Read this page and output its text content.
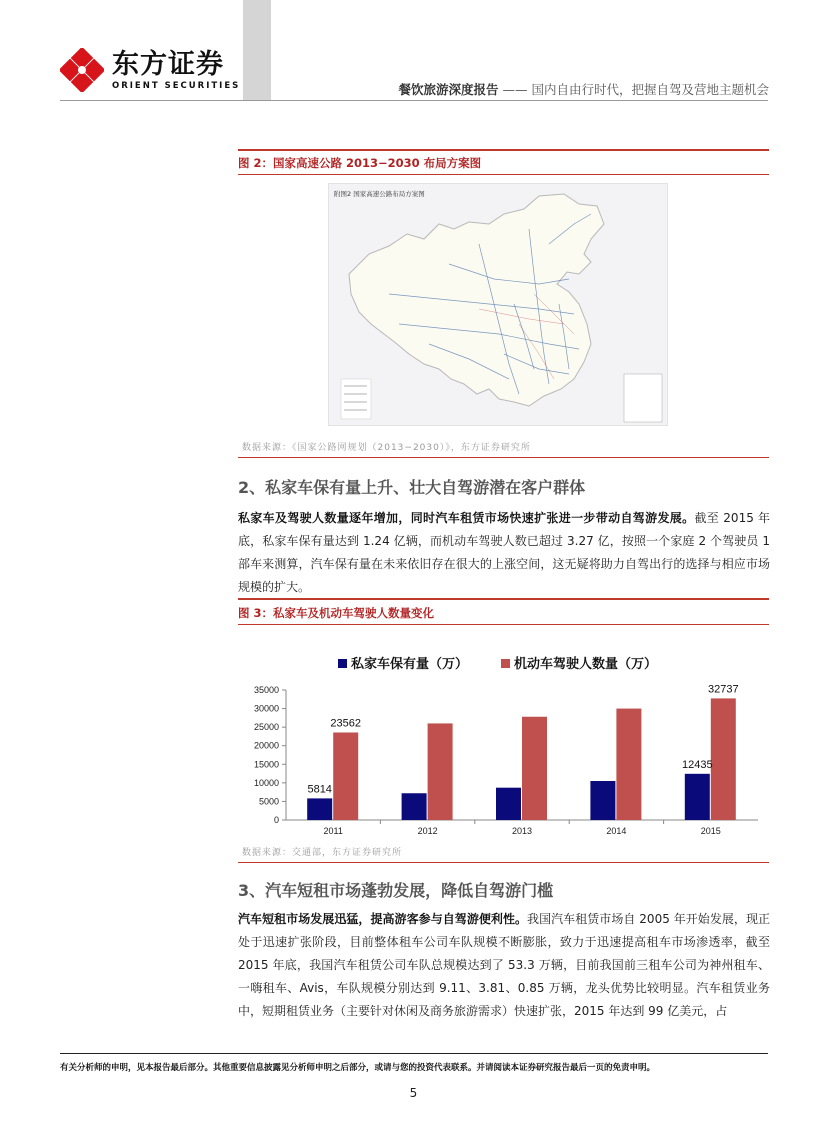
东方证券
ORIENT SECURITIES	餐饮旅游深度报告 —— 国内自由行时代，把握自驾及营地主题机会
图 2：国家高速公路 2013−2030 布局方案图
附图2 国家高速公路布局方案图
数据来源：《国家公路网规划（2013−2030）》，东方证券研究所
2、私家车保有量上升、壮大自驾游潜在客户群体
私家车及驾驶人数量逐年增加，同时汽车租赁市场快速扩张进一步带动自驾游发展。截至 2015 年底，私家车保有量达到 1.24 亿辆，而机动车驾驶人数已超过 3.27 亿，按照一个家庭 2 个驾驶员 1 部车来测算，汽车保有量在未来依旧存在很大的上涨空间，这无疑将助力自驾出行的选择与相应市场规模的扩大。
图 3：私家车及机动车驾驶人数量变化
私家车保有量（万）	机动车驾驶人数量（万）
0
5000
10000
15000
20000
25000
30000
35000
2011	2012	2013	2014	2015
5814
23562
12435
32737
数据来源：交通部，东方证券研究所
3、汽车短租市场蓬勃发展，降低自驾游门槛
汽车短租市场发展迅猛，提高游客参与自驾游便利性。我国汽车租赁市场自 2005 年开始发展，现正处于迅速扩张阶段，目前整体租车公司车队规模不断膨胀，致力于迅速提高租车市场渗透率，截至 2015 年底，我国汽车租赁公司车队总规模达到了 53.3 万辆，目前我国前三租车公司为神州租车、一嗨租车、Avis，车队规模分别达到 9.11、3.81、0.85 万辆，龙头优势比较明显。汽车租赁业务中，短期租赁业务（主要针对休闲及商务旅游需求）快速扩张，2015 年达到 99 亿美元，占
有关分析师的申明，见本报告最后部分。其他重要信息披露见分析师申明之后部分，或请与您的投资代表联系。并请阅读本证券研究报告最后一页的免责申明。
5
